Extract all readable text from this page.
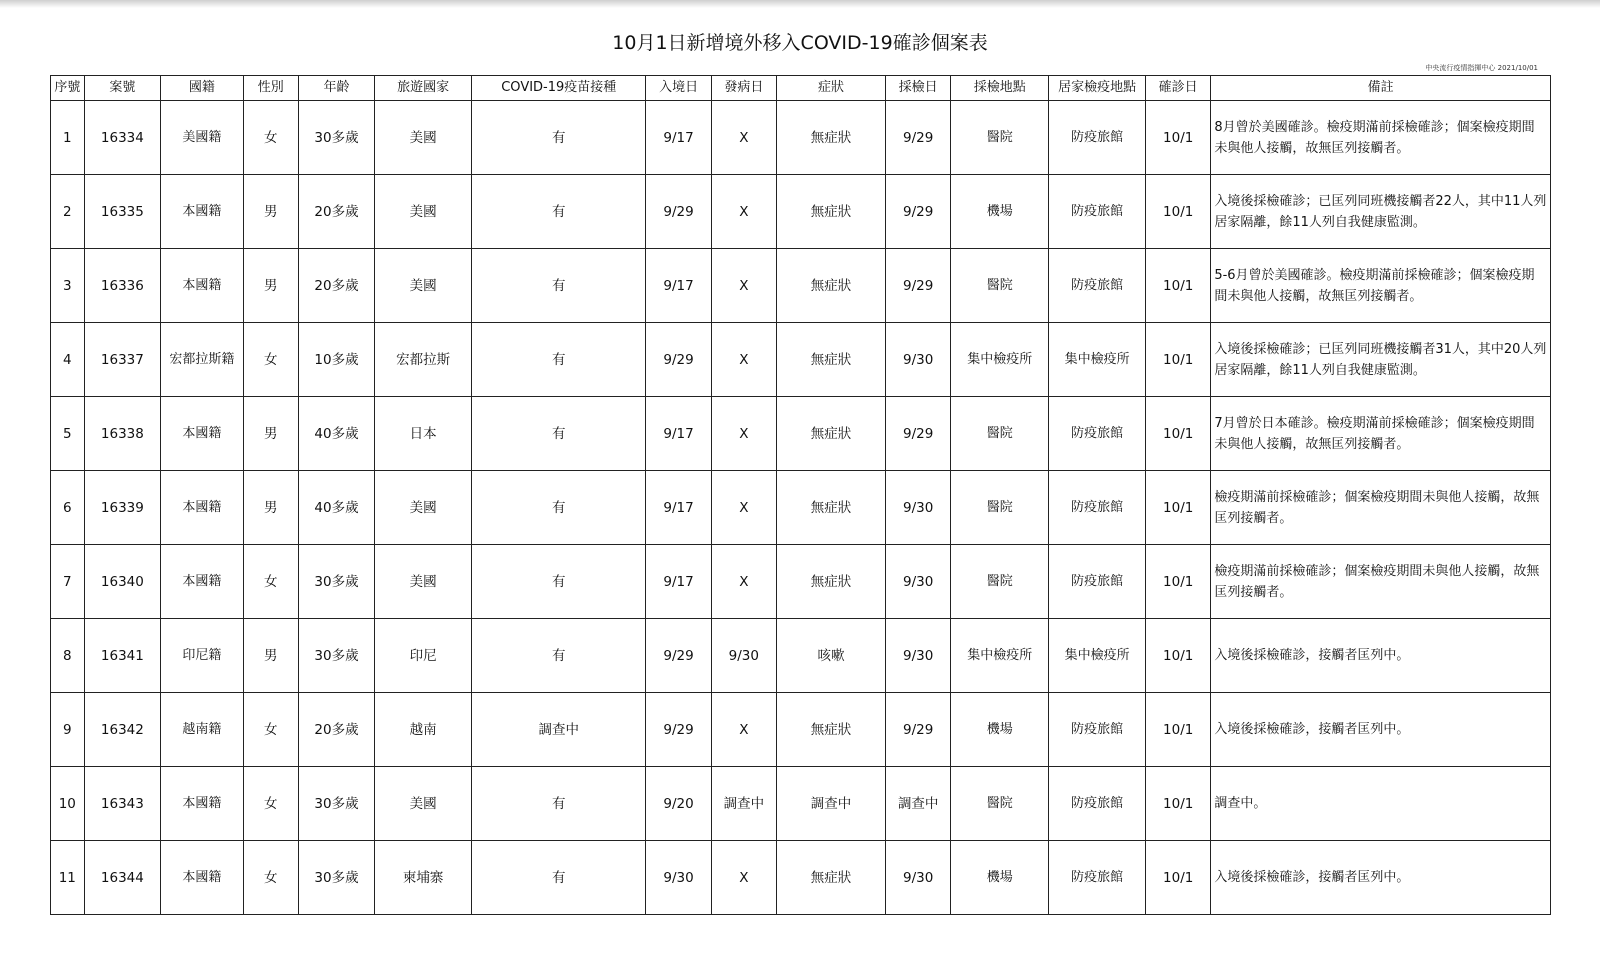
10月1日新增境外移入COVID-19確診個案表
中央流行疫情指揮中心 2021/10/01
序號	案號	國籍	性別	年齡	旅遊國家	COVID-19疫苗接種	入境日	發病日	症狀	採檢日	採檢地點	居家檢疫地點	確診日	備註
1	16334	美國籍	女	30多歲	美國	有	9/17	X	無症狀	9/29	醫院	防疫旅館	10/1	8月曾於美國確診。檢疫期滿前採檢確診；個案檢疫期間未與他人接觸，故無匡列接觸者。
2	16335	本國籍	男	20多歲	美國	有	9/29	X	無症狀	9/29	機場	防疫旅館	10/1	入境後採檢確診；已匡列同班機接觸者22人，其中11人列居家隔離，餘11人列自我健康監測。
3	16336	本國籍	男	20多歲	美國	有	9/17	X	無症狀	9/29	醫院	防疫旅館	10/1	5-6月曾於美國確診。檢疫期滿前採檢確診；個案檢疫期間未與他人接觸，故無匡列接觸者。
4	16337	宏都拉斯籍	女	10多歲	宏都拉斯	有	9/29	X	無症狀	9/30	集中檢疫所	集中檢疫所	10/1	入境後採檢確診；已匡列同班機接觸者31人，其中20人列居家隔離，餘11人列自我健康監測。
5	16338	本國籍	男	40多歲	日本	有	9/17	X	無症狀	9/29	醫院	防疫旅館	10/1	7月曾於日本確診。檢疫期滿前採檢確診；個案檢疫期間未與他人接觸，故無匡列接觸者。
6	16339	本國籍	男	40多歲	美國	有	9/17	X	無症狀	9/30	醫院	防疫旅館	10/1	檢疫期滿前採檢確診；個案檢疫期間未與他人接觸，故無匡列接觸者。
7	16340	本國籍	女	30多歲	美國	有	9/17	X	無症狀	9/30	醫院	防疫旅館	10/1	檢疫期滿前採檢確診；個案檢疫期間未與他人接觸，故無匡列接觸者。
8	16341	印尼籍	男	30多歲	印尼	有	9/29	9/30	咳嗽	9/30	集中檢疫所	集中檢疫所	10/1	入境後採檢確診，接觸者匡列中。
9	16342	越南籍	女	20多歲	越南	調查中	9/29	X	無症狀	9/29	機場	防疫旅館	10/1	入境後採檢確診，接觸者匡列中。
10	16343	本國籍	女	30多歲	美國	有	9/20	調查中	調查中	調查中	醫院	防疫旅館	10/1	調查中。
11	16344	本國籍	女	30多歲	柬埔寨	有	9/30	X	無症狀	9/30	機場	防疫旅館	10/1	入境後採檢確診，接觸者匡列中。
